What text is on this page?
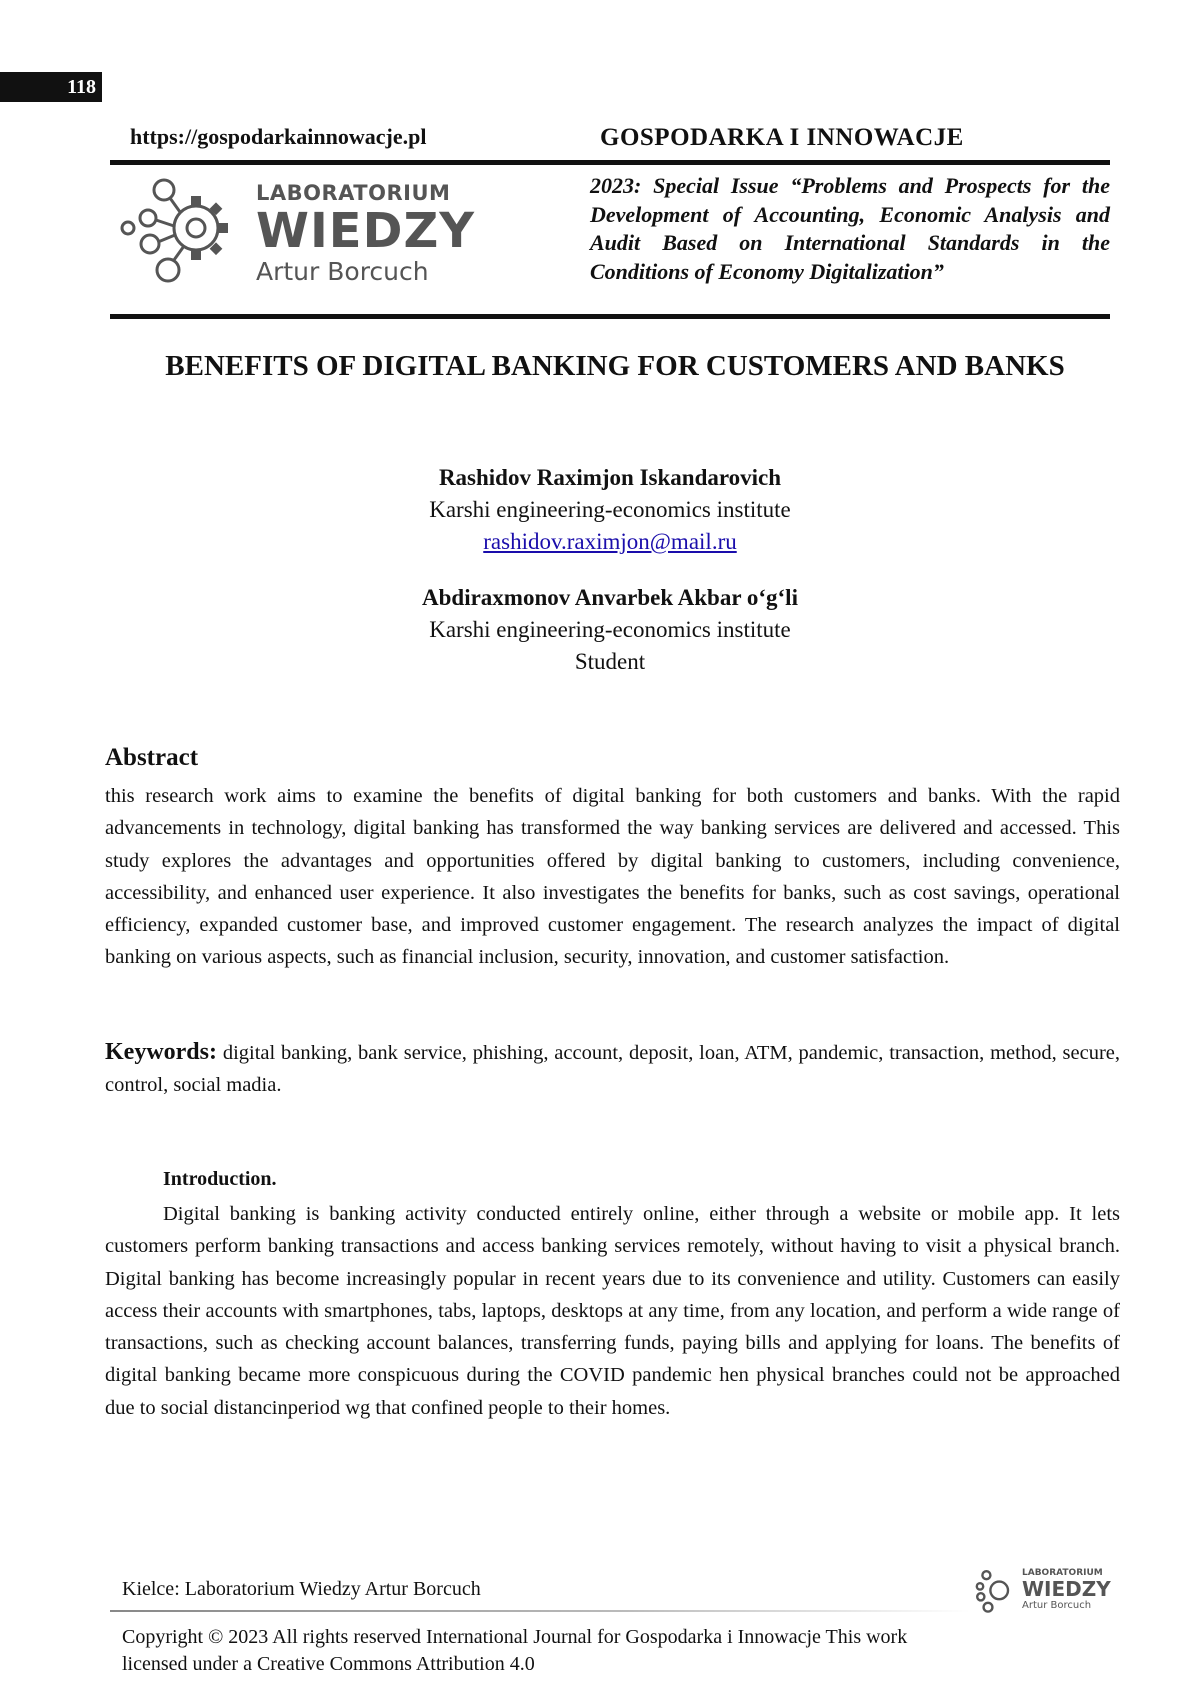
118
https://gospodarkainnowacje.pl	GOSPODARKA I INNOWACJE
LABORATORIUM
WIEDZY
Artur Borcuch
2023: Special Issue “Problems and Prospects for the Development of Accounting, Economic Analysis and Audit Based on International Standards in the Conditions of Economy Digitalization”
BENEFITS OF DIGITAL BANKING FOR CUSTOMERS AND BANKS
Rashidov Raximjon Iskandarovich
Karshi engineering-economics institute
rashidov.raximjon@mail.ru
Abdiraxmonov Anvarbek Akbar o‘g‘li
Karshi engineering-economics institute
Student
Abstract
this research work aims to examine the benefits of digital banking for both customers and banks. With the rapid advancements in technology, digital banking has transformed the way banking services are delivered and accessed. This study explores the advantages and opportunities offered by digital banking to customers, including convenience, accessibility, and enhanced user experience. It also investigates the benefits for banks, such as cost savings, operational efficiency, expanded customer base, and improved customer engagement. The research analyzes the impact of digital banking on various aspects, such as financial inclusion, security, innovation, and customer satisfaction.
Keywords: digital banking, bank service, phishing, account, deposit, loan, ATM, pandemic, transaction, method, secure, control, social madia.
Introduction.
Digital banking is banking activity conducted entirely online, either through a website or mobile app. It lets customers perform banking transactions and access banking services remotely, without having to visit a physical branch. Digital banking has become increasingly popular in recent years due to its convenience and utility. Customers can easily access their accounts with smartphones, tabs, laptops, desktops at any time, from any location, and perform a wide range of transactions, such as checking account balances, transferring funds, paying bills and applying for loans. The benefits of digital banking became more conspicuous during the COVID pandemic hen physical branches could not be approached due to social distancinperiod wg that confined people to their homes.
Kielce: Laboratorium Wiedzy Artur Borcuch
LABORATORIUM
WIEDZY
Artur Borcuch
Copyright © 2023 All rights reserved International Journal for Gospodarka i Innowacje This work licensed under a Creative Commons Attribution 4.0
